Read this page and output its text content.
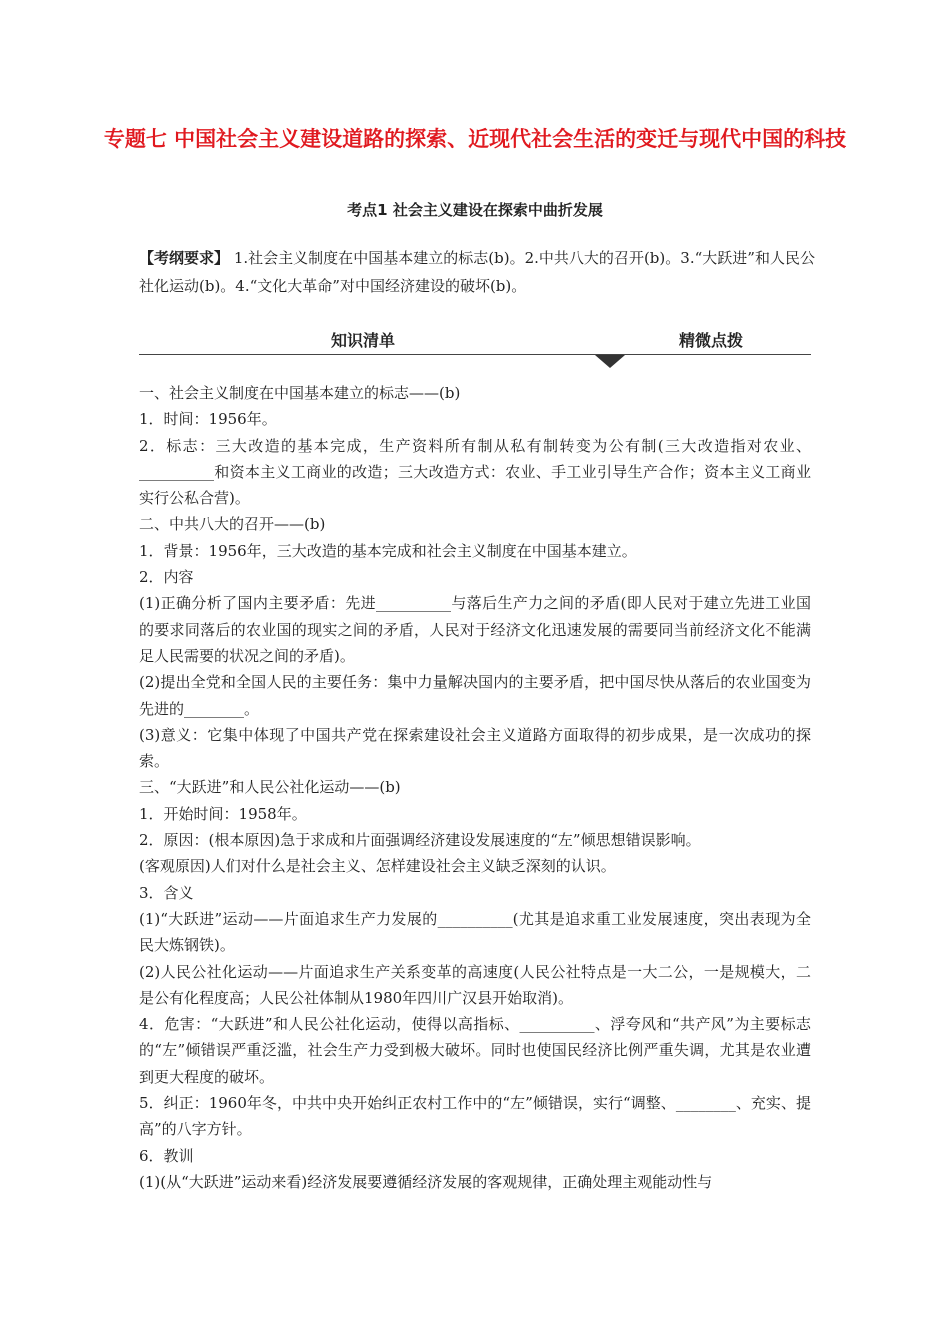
专题七 中国社会主义建设道路的探索、近现代社会生活的变迁与现代中国的科技
考点1 社会主义建设在探索中曲折发展
【考纲要求】 1.社会主义制度在中国基本建立的标志(b)。2.中共八大的召开(b)。3.“大跃进”和人民公社化运动(b)。4.“文化大革命”对中国经济建设的破坏(b)。
知识清单	精微点拨

一、社会主义制度在中国基本建立的标志——(b)

1．时间：1956年。

2．标志：三大改造的基本完成，生产资料所有制从私有制转变为公有制(三大改造指对农业、__________和资本主义工商业的改造；三大改造方式：农业、手工业引导生产合作；资本主义工商业实行公私合营)。

二、中共八大的召开——(b)

1．背景：1956年，三大改造的基本完成和社会主义制度在中国基本建立。

2．内容

(1)正确分析了国内主要矛盾：先进__________与落后生产力之间的矛盾(即人民对于建立先进工业国的要求同落后的农业国的现实之间的矛盾，人民对于经济文化迅速发展的需要同当前经济文化不能满足人民需要的状况之间的矛盾)。

(2)提出全党和全国人民的主要任务：集中力量解决国内的主要矛盾，把中国尽快从落后的农业国变为先进的________。

(3)意义：它集中体现了中国共产党在探索建设社会主义道路方面取得的初步成果，是一次成功的探索。

三、“大跃进”和人民公社化运动——(b)

1．开始时间：1958年。

2．原因：(根本原因)急于求成和片面强调经济建设发展速度的“左”倾思想错误影响。

(客观原因)人们对什么是社会主义、怎样建设社会主义缺乏深刻的认识。

3．含义

(1)“大跃进”运动——片面追求生产力发展的__________(尤其是追求重工业发展速度，突出表现为全民大炼钢铁)。

(2)人民公社化运动——片面追求生产关系变革的高速度(人民公社特点是一大二公，一是规模大，二是公有化程度高；人民公社体制从1980年四川广汉县开始取消)。

4．危害：“大跃进”和人民公社化运动，使得以高指标、__________、浮夸风和“共产风”为主要标志的“左”倾错误严重泛滥，社会生产力受到极大破坏。同时也使国民经济比例严重失调，尤其是农业遭到更大程度的破坏。

5．纠正：1960年冬，中共中央开始纠正农村工作中的“左”倾错误，实行“调整、________、充实、提高”的八字方针。

6．教训

(1)(从“大跃进”运动来看)经济发展要遵循经济发展的客观规律，正确处理主观能动性与
